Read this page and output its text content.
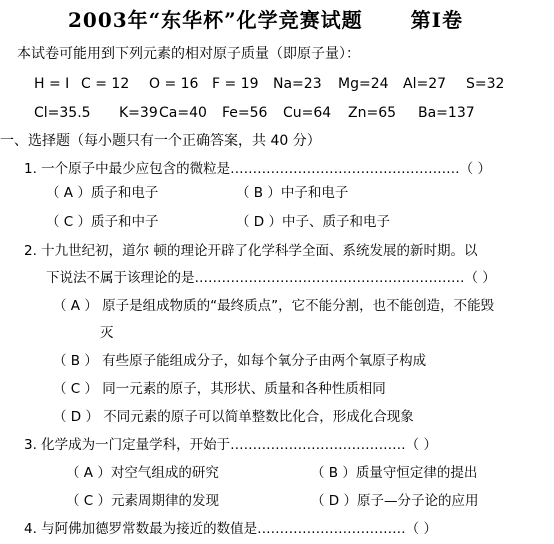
2003年“东华杯”化学竞赛试题 第Ⅰ卷
本试卷可能用到下列元素的相对原子质量（即原子量）：
H = I C = 12 O = 16 F = 19 Na=23 Mg=24 Al=27 S=32
Cl=35.5 K=39 Ca=40 Fe=56 Cu=64 Zn=65 Ba=137
一、选择题（每小题只有一个正确答案，共 40 分）
1. 一个原子中最少应包含的微粒是……………………………………………（ ）
（ A ）质子和电子	（ B ）中子和电子
（ C ）质子和中子	（ D ）中子、质子和电子
2. 十九世纪初，道尔 顿的理论开辟了化学科学全面、系统发展的新时期。以
下说法不属于该理论的是……………………………………………………（ ）
（ A ） 原子是组成物质的“最终质点”，它不能分割，也不能创造，不能毁
灭
（ B ） 有些原子能组成分子，如每个氧分子由两个氧原子构成
（ C ） 同一元素的原子，其形状、质量和各种性质相同
（ D ） 不同元素的原子可以简单整数比化合，形成化合现象
3. 化学成为一门定量学科，开始于…………………………………（ ）
（ A ）对空气组成的研究	（ B ）质量守恒定律的提出
（ C ）元素周期律的发现	（ D ）原子—分子论的应用
4. 与阿佛加德罗常数最为接近的数值是……………………………（ ）
